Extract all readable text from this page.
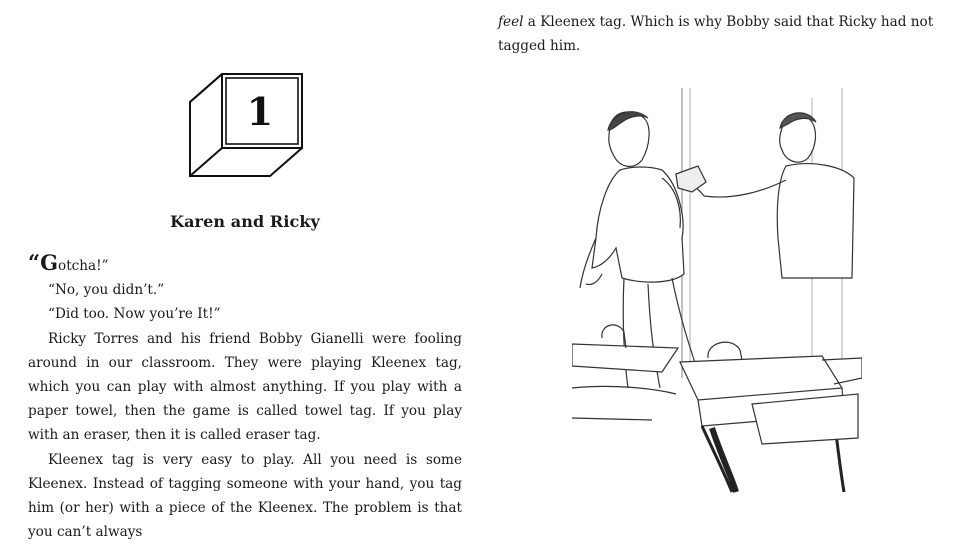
1
Karen and Ricky

“Gotcha!”

“No, you didn’t.”

“Did too. Now you’re It!”

Ricky Torres and his friend Bobby Gianelli were fooling around in our classroom. They were playing Kleenex tag, which you can play with almost anything. If you play with a paper towel, then the game is called towel tag. If you play with an eraser, then it is called eraser tag.

Kleenex tag is very easy to play. All you need is some Kleenex. Instead of tagging someone with your hand, you tag him (or her) with a piece of the Kleenex. The problem is that you can’t always

feel a Kleenex tag. Which is why Bobby said that Ricky had not tagged him.
